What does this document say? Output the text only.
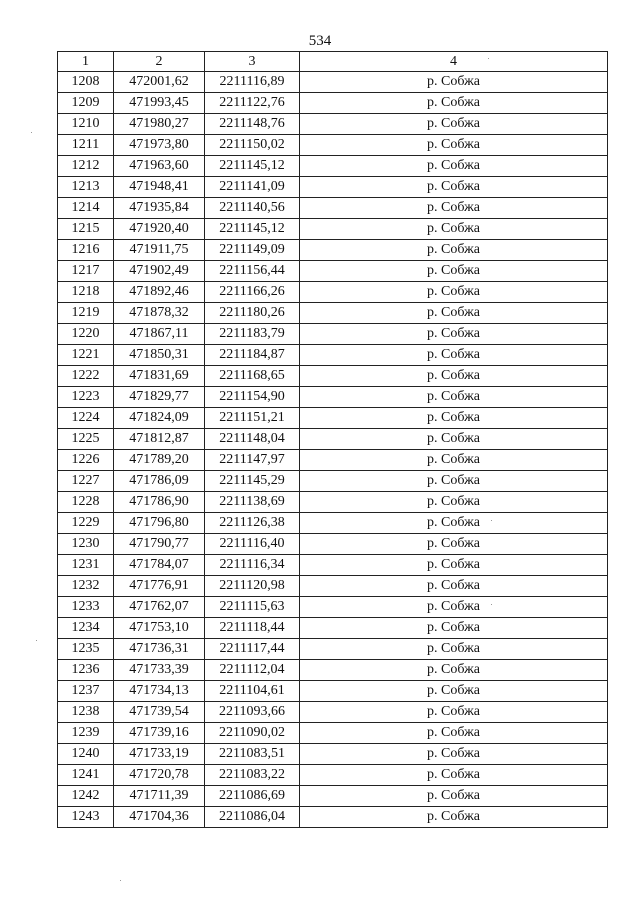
534
1	2	3	4
1208	472001,62	2211116,89	р. Собжа
1209	471993,45	2211122,76	р. Собжа
1210	471980,27	2211148,76	р. Собжа
1211	471973,80	2211150,02	р. Собжа
1212	471963,60	2211145,12	р. Собжа
1213	471948,41	2211141,09	р. Собжа
1214	471935,84	2211140,56	р. Собжа
1215	471920,40	2211145,12	р. Собжа
1216	471911,75	2211149,09	р. Собжа
1217	471902,49	2211156,44	р. Собжа
1218	471892,46	2211166,26	р. Собжа
1219	471878,32	2211180,26	р. Собжа
1220	471867,11	2211183,79	р. Собжа
1221	471850,31	2211184,87	р. Собжа
1222	471831,69	2211168,65	р. Собжа
1223	471829,77	2211154,90	р. Собжа
1224	471824,09	2211151,21	р. Собжа
1225	471812,87	2211148,04	р. Собжа
1226	471789,20	2211147,97	р. Собжа
1227	471786,09	2211145,29	р. Собжа
1228	471786,90	2211138,69	р. Собжа
1229	471796,80	2211126,38	р. Собжа
1230	471790,77	2211116,40	р. Собжа
1231	471784,07	2211116,34	р. Собжа
1232	471776,91	2211120,98	р. Собжа
1233	471762,07	2211115,63	р. Собжа
1234	471753,10	2211118,44	р. Собжа
1235	471736,31	2211117,44	р. Собжа
1236	471733,39	2211112,04	р. Собжа
1237	471734,13	2211104,61	р. Собжа
1238	471739,54	2211093,66	р. Собжа
1239	471739,16	2211090,02	р. Собжа
1240	471733,19	2211083,51	р. Собжа
1241	471720,78	2211083,22	р. Собжа
1242	471711,39	2211086,69	р. Собжа
1243	471704,36	2211086,04	р. Собжа
